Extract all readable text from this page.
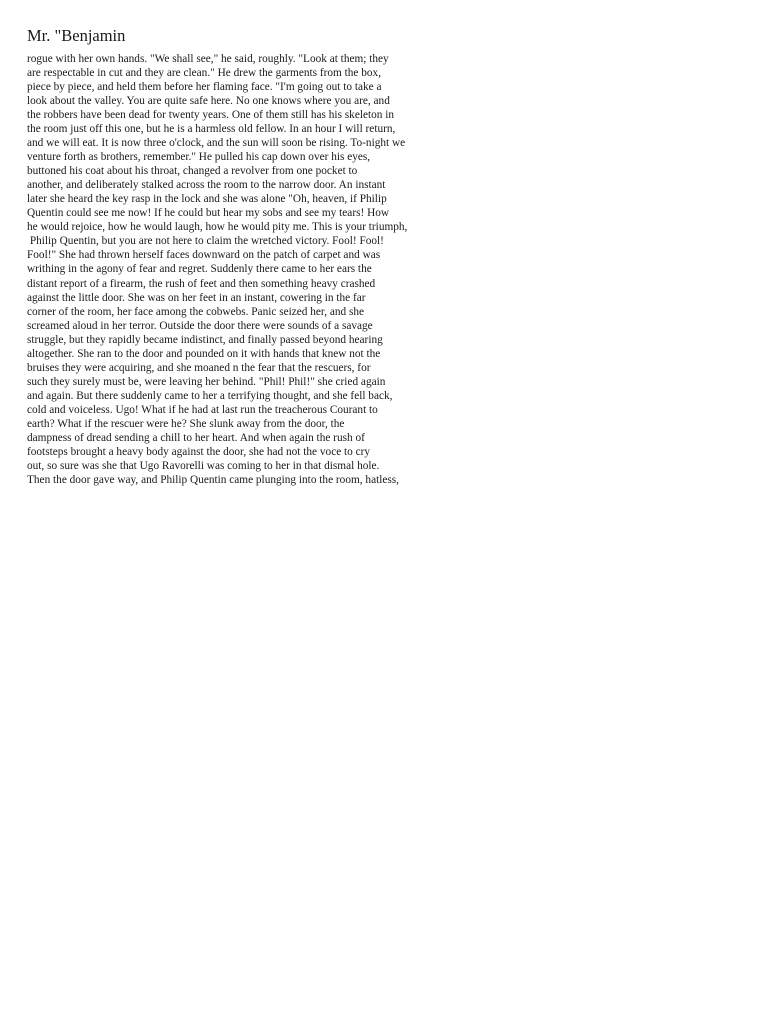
Mr. "Benjamin
rogue with her own hands. "We shall see," he said, roughly. "Look at them; they
are respectable in cut and they are clean." He drew the garments from the box,
piece by piece, and held them before her flaming face. "I'm going out to take a
look about the valley. You are quite safe here. No one knows where you are, and
the robbers have been dead for twenty years. One of them still has his skeleton in
the room just off this one, but he is a harmless old fellow. In an hour I will return,
and we will eat. It is now three o'clock, and the sun will soon be rising. To-night we
venture forth as brothers, remember." He pulled his cap down over his eyes,
buttoned his coat about his throat, changed a revolver from one pocket to
another, and deliberately stalked across the room to the narrow door. An instant
later she heard the key rasp in the lock and she was alone "Oh, heaven, if Philip
Quentin could see me now! If he could but hear my sobs and see my tears! How
he would rejoice, how he would laugh, how he would pity me. This is your triumph,
Philip Quentin, but you are not here to claim the wretched victory. Fool! Fool!
Fool!" She had thrown herself faces downward on the patch of carpet and was
writhing in the agony of fear and regret. Suddenly there came to her ears the
distant report of a firearm, the rush of feet and then something heavy crashed
against the little door. She was on her feet in an instant, cowering in the far
corner of the room, her face among the cobwebs. Panic seized her, and she
screamed aloud in her terror. Outside the door there were sounds of a savage
struggle, but they rapidly became indistinct, and finally passed beyond hearing
altogether. She ran to the door and pounded on it with hands that knew not the
bruises they were acquiring, and she moaned n the fear that the rescuers, for
such they surely must be, were leaving her behind. "Phil! Phil!" she cried again
and again. But there suddenly came to her a terrifying thought, and she fell back,
cold and voiceless. Ugo! What if he had at last run the treacherous Courant to
earth? What if the rescuer were he? She slunk away from the door, the
dampness of dread sending a chill to her heart. And when again the rush of
footsteps brought a heavy body against the door, she had not the voce to cry
out, so sure was she that Ugo Ravorelli was coming to her in that dismal hole.
Then the door gave way, and Philip Quentin came plunging into the room, hatless,
